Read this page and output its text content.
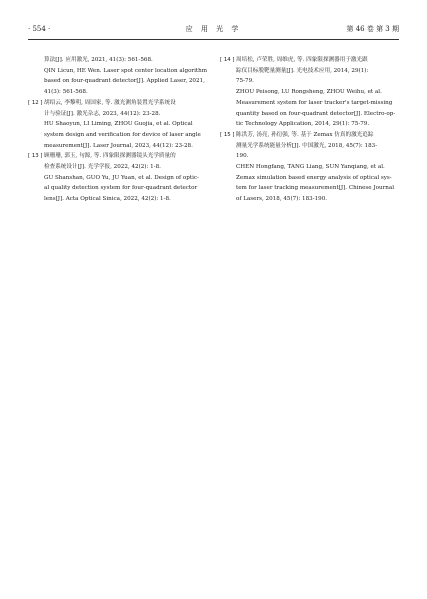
· 554 ·	应 用 光 学	第 46 卷 第 3 期
算法[J]. 应用激光, 2021, 41(3): 561-568.
QIN Licun, HE Wen. Laser spot center location algorithm
based on four-quadrant detector[J]. Applied Laser, 2021,
41(3): 561-568.
[ 12 ] 胡绍云, 李黎明, 周国家, 等. 激光测角装置光学系统设
计与验证[J]. 激光杂志, 2023, 44(12): 23-28.
HU Shaoyun, LI Liming, ZHOU Guojia, et al. Optical
system design and verification for device of laser angle
measurement[J]. Laser Journal, 2023, 44(12): 23-28.
[ 13 ] 顾珊珊, 郭玉, 句源, 等. 四象限探测器镜头光学质量的
检查系统设计[J]. 光学学报, 2022, 42(2): 1-8.
GU Shanshan, GUO Yu, JU Yuan, et al. Design of optic-
al quality detection system for four-quadrant detector
lens[J]. Acta Optical Sinica, 2022, 42(2): 1-8.
[ 14 ] 周培松, 卢荣胜, 周维虎, 等. 四象限探测器用于激光跟
踪仪目标脱靶量测量[J]. 光电技术应用, 2014, 29(1):
75-79.
ZHOU Peisong, LU Rongsheng, ZHOU Weihu, et al.
Measurement system for laser tracker's target-missing
quantity based on four-quadrant detector[J]. Electro-op-
tic Technology Application, 2014, 29(1): 75-79.
[ 15 ] 陈洪芳, 汤亮, 孙衍强, 等. 基于 Zemax 仿真的激光追踪
测量光学系统能量分析[J]. 中国激光, 2018, 45(7): 183-
190.
CHEN Hongfang, TANG Liang, SUN Yanqiang, et al.
Zemax simulation based energy analysis of optical sys-
tem for laser tracking measurement[J]. Chinese Journal
of Lasers, 2018, 45(7): 183-190.
